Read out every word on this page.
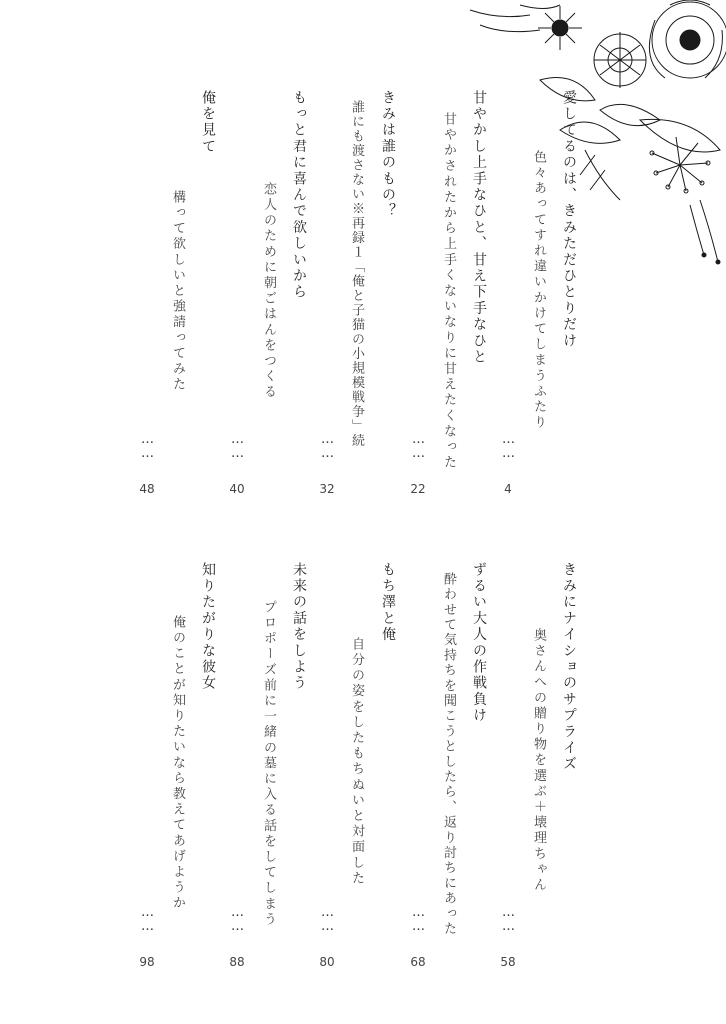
愛してるのは、きみただひとりだけ
色々あってすれ違いかけてしまうふたり
……
4
甘やかし上手なひと、甘え下手なひと
甘やかされたから上手くないなりに甘えたくなった
……
22
きみは誰のもの？
誰にも渡さない※再録１「俺と子猫の小規模戦争」続
……
32
もっと君に喜んで欲しいから
恋人のために朝ごはんをつくる
……
40
俺を見て
構って欲しいと強請ってみた
……
48
きみにナイショのサプライズ
奥さんへの贈り物を選ぶ＋壊理ちゃん
……
58
ずるい大人の作戦負け
酔わせて気持ちを聞こうとしたら、返り討ちにあった
……
68
もち澤と俺
自分の姿をしたもちぬいと対面した
……
80
未来の話をしよう
プロポーズ前に一緒の墓に入る話をしてしまう
……
88
知りたがりな彼女
俺のことが知りたいなら教えてあげようか
……
98
